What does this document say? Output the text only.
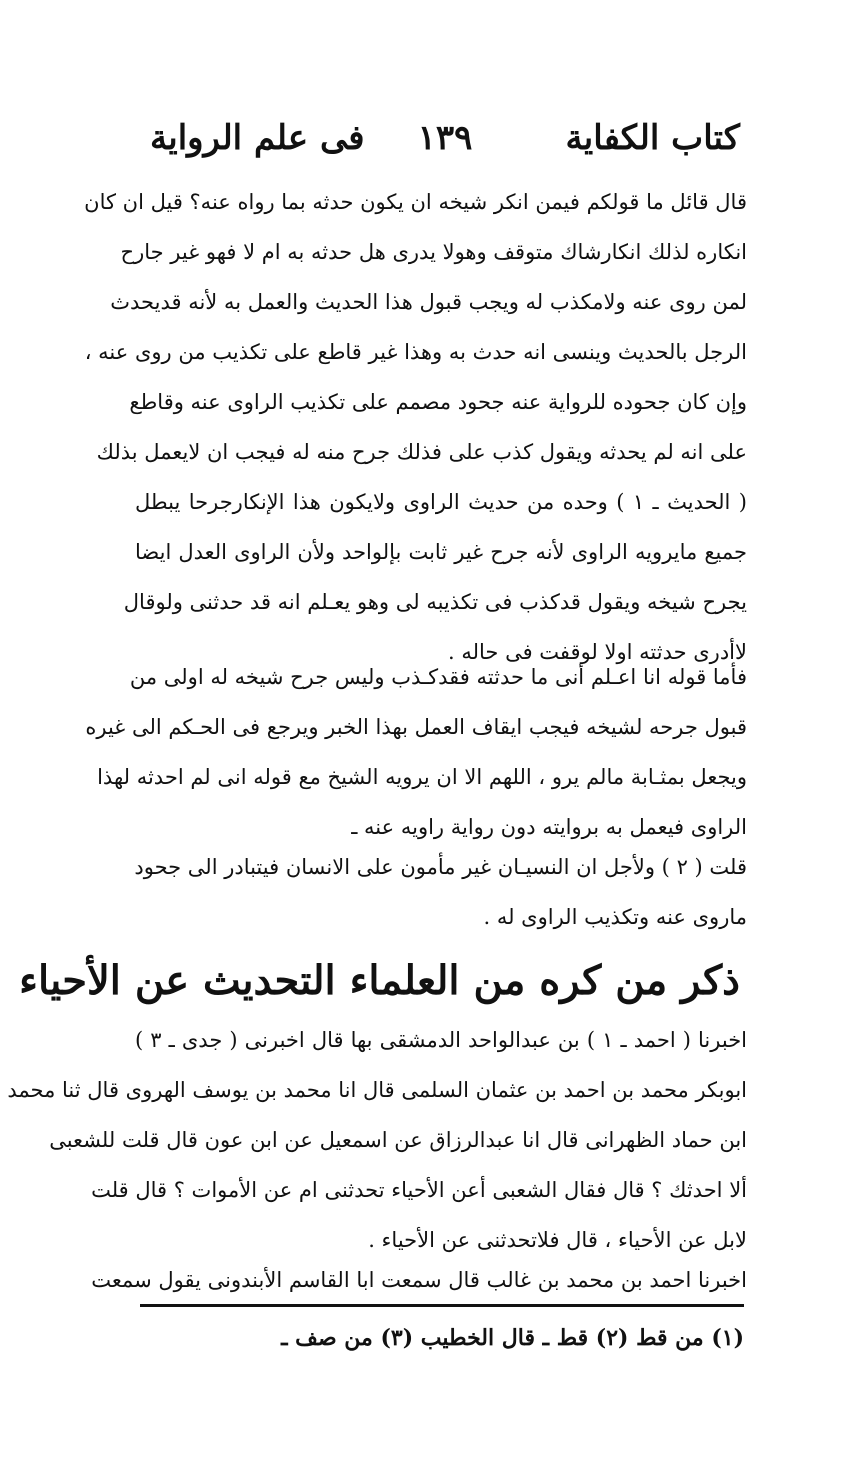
كتاب الكفاية
١٣٩
فى علم الرواية
قال قائل ما قولكم فيمن انكر شيخه ان يكون حدثه بما رواه عنه؟ قيل ان كان
انكاره لذلك انكارشاك متوقف وهولا يدرى هل حدثه به ام لا فهو غير جارح
لمن روى عنه ولامكذب له ويجب قبول هذا الحديث والعمل به لأنه قديحدث
الرجل بالحديث وينسى انه حدث به وهذا غير قاطع على تكذيب من روى عنه ،
وإن كان جحوده للرواية عنه جحود مصمم على تكذيب الراوى عنه وقاطع
على انه لم يحدثه ويقول كذب على فذلك جرح منه له فيجب ان لايعمل بذلك
( الحديث ـ ١ ) وحده من حديث الراوى ولايكون هذا الإنكارجرحا يبطل
جميع مايرويه الراوى لأنه جرح غير ثابت بإلواحد ولأن الراوى العدل ايضا
يجرح شيخه ويقول قدكذب فى تكذيبه لى وهو يعـلم انه قد حدثنى ولوقال
لاأدرى حدثته اولا لوقفت فى حاله .
فأما قوله انا اعـلم أنى ما حدثته فقدكـذب وليس جرح شيخه له اولى من
قبول جرحه لشيخه فيجب ايقاف العمل بهذا الخبر ويرجع فى الحـكم الى غيره
ويجعل بمثـابة مالم يرو ، اللهم الا ان يرويه الشيخ مع قوله انى لم احدثه لهذا
الراوى فيعمل به بروايته دون رواية راويه عنه ـ
قلت ( ٢ ) ولأجل ان النسيـان غير مأمون على الانسان فيتبادر الى جحود
ماروى عنه وتكذيب الراوى له .
ذكر من كره من العلماء التحديث عن الأحياء
اخبرنا ( احمد ـ ١ ) بن عبدالواحد الدمشقى بها قال اخبرنى ( جدى ـ ٣ )
ابوبكر محمد بن احمد بن عثمان السلمى قال انا محمد بن يوسف الهروى قال ثنا محمد
ابن حماد الظهرانى قال انا عبدالرزاق عن اسمعيل عن ابن عون قال قلت للشعبى
ألا احدثك ؟ قال فقال الشعبى أعن الأحياء تحدثنى ام عن الأموات ؟ قال قلت
لابل عن الأحياء ، قال فلاتحدثنى عن الأحياء .
اخبرنا احمد بن محمد بن غالب قال سمعت ابا القاسم الأبندونى يقول سمعت
(١) من قط (٢) قط ـ قال الخطيب (٣) من صف ـ
